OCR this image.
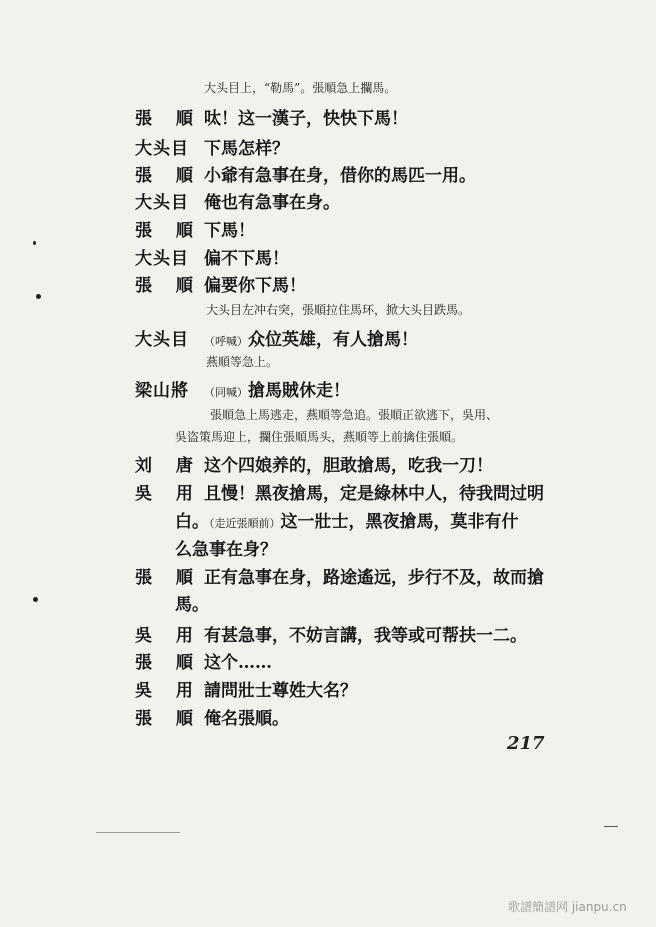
大头目上，“勒馬”。張順急上攔馬。
張 順 呔！这一漢子，快快下馬！
大头目 下馬怎样？
張 順 小爺有急事在身，借你的馬匹一用。
大头目 俺也有急事在身。
張 順 下馬！
大头目 偏不下馬！
張 順 偏要你下馬！
大头目左冲右突，張順拉住馬环，掀大头目跌馬。
大头目	（呼喊）众位英雄，有人搶馬！
燕順等急上。
梁山將	（同喊）搶馬賊休走！
張順急上馬逃走，燕順等急追。張順正欲逃下，吳用、
吳盗策馬迎上，攔住張順馬头，燕順等上前擒住張順。
刘 唐 这个四娘养的，胆敢搶馬，吃我一刀！
吳 用 且慢！黑夜搶馬，定是綠林中人，待我問过明
白。（走近張順前）这一壯士，黑夜搶馬，莫非有什
么急事在身？
張 順 正有急事在身，路途遙远，步行不及，故而搶
馬。
吳 用 有甚急事，不妨言講，我等或可帮扶一二。
張 順 这个……
吳 用 請問壯士尊姓大名？
張 順 俺名張順。
217
歌譜簡譜网 jianpu.cn
